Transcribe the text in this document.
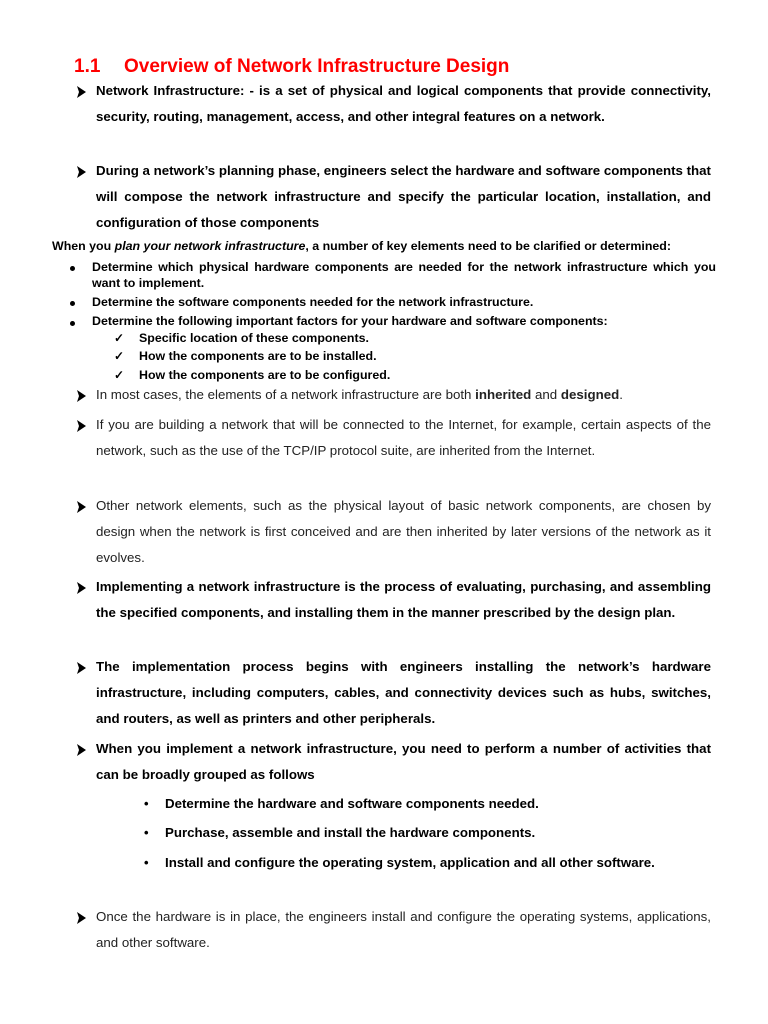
1.1 Overview of Network Infrastructure Design
Network Infrastructure: - is a set of physical and logical components that provide connectivity, security, routing, management, access, and other integral features on a network.
During a network’s planning phase, engineers select the hardware and software components that will compose the network infrastructure and specify the particular location, installation, and configuration of those components
When you plan your network infrastructure, a number of key elements need to be clarified or determined:
Determine which physical hardware components are needed for the network infrastructure which you want to implement.
Determine the software components needed for the network infrastructure.
Determine the following important factors for your hardware and software components:
✓ Specific location of these components.
✓ How the components are to be installed.
✓ How the components are to be configured.
In most cases, the elements of a network infrastructure are both inherited and designed.
If you are building a network that will be connected to the Internet, for example, certain aspects of the network, such as the use of the TCP/IP protocol suite, are inherited from the Internet.
Other network elements, such as the physical layout of basic network components, are chosen by design when the network is first conceived and are then inherited by later versions of the network as it evolves.
Implementing a network infrastructure is the process of evaluating, purchasing, and assembling the specified components, and installing them in the manner prescribed by the design plan.
The implementation process begins with engineers installing the network’s hardware infrastructure, including computers, cables, and connectivity devices such as hubs, switches, and routers, as well as printers and other peripherals.
When you implement a network infrastructure, you need to perform a number of activities that can be broadly grouped as follows
• Determine the hardware and software components needed.
• Purchase, assemble and install the hardware components.
• Install and configure the operating system, application and all other software.
Once the hardware is in place, the engineers install and configure the operating systems, applications, and other software.
